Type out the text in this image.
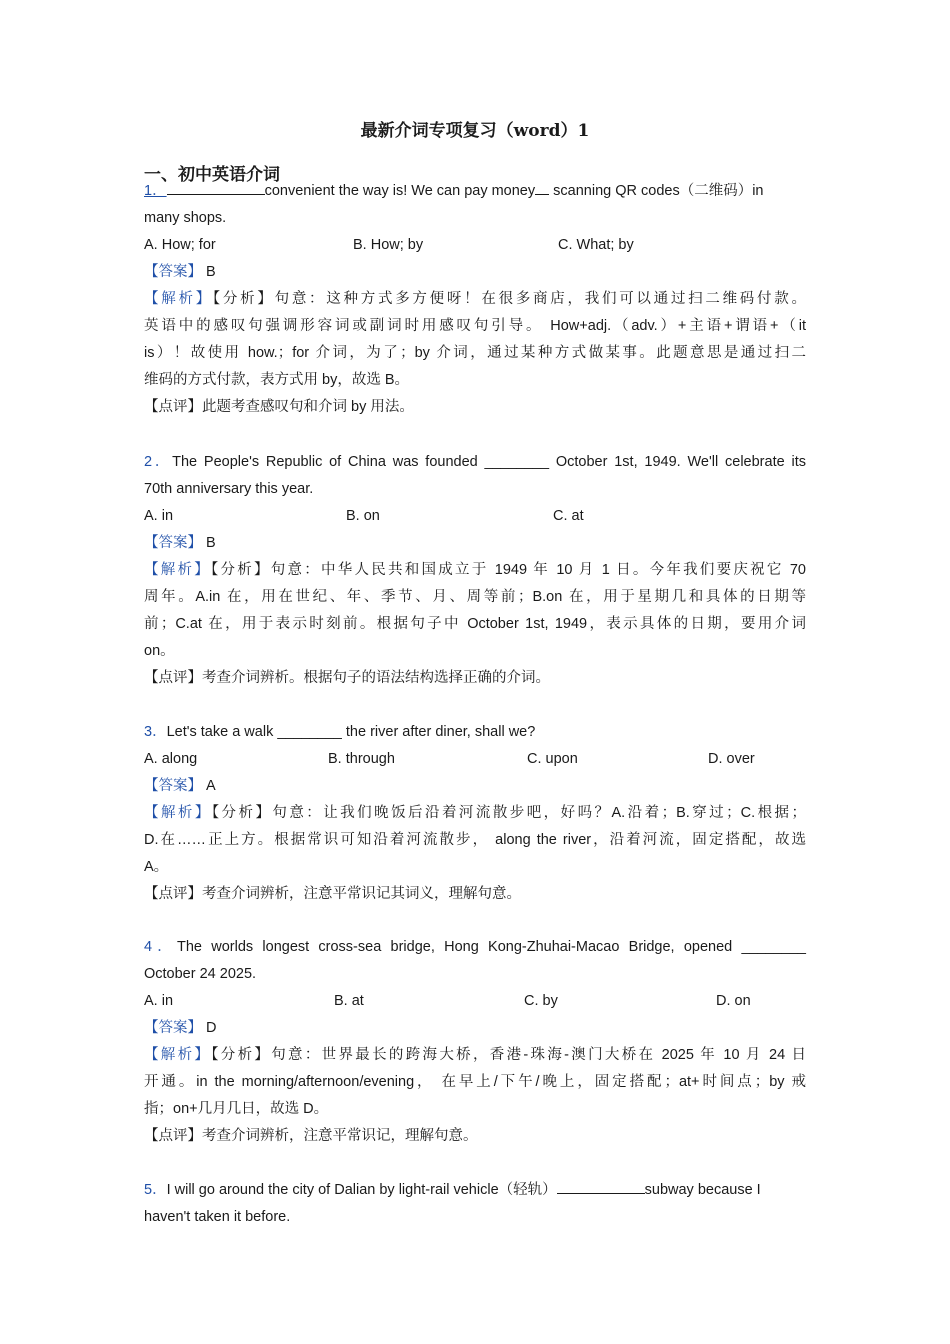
最新介词专项复习（word）1
一、初中英语介词
1．	convenient the way is! We can pay money scanning QR codes（二维码）in
many shops.
A. How; for	B. How; by	C. What; by
【答案】 B
【解析】【分析】句意：这种方式多方便呀！在很多商店，我们可以通过扫二维码付款。
英语中的感叹句强调形容词或副词时用感叹句引导。 How+adj.（adv.）+主语+谓语+（it
is）！故使用 how.；for 介词，为了；by 介词，通过某种方式做某事。此题意思是通过扫二
维码的方式付款，表方式用 by，故选 B。
【点评】此题考查感叹句和介词 by 用法。
2．The People's Republic of China was founded ________ October 1st, 1949. We'll celebrate its
70th anniversary this year.
A. in	B. on	C. at
【答案】 B
【解析】【分析】句意：中华人民共和国成立于 1949 年 10 月 1 日。今年我们要庆祝它 70
周年。A.in 在，用在世纪、年、季节、月、周等前；B.on 在，用于星期几和具体的日期等
前；C.at 在，用于表示时刻前。根据句子中 October 1st, 1949，表示具体的日期，要用介词
on。
【点评】考查介词辨析。根据句子的语法结构选择正确的介词。
3．Let's take a walk ________ the river after diner, shall we?
A. along	B. through	C. upon	D. over
【答案】 A
【解析】【分析】句意：让我们晚饭后沿着河流散步吧，好吗？A.沿着；B.穿过；C.根据；
D.在……正上方。根据常识可知沿着河流散步， along the river，沿着河流，固定搭配，故选
A。
【点评】考查介词辨析，注意平常识记其词义，理解句意。
4．The worlds longest cross-sea bridge, Hong Kong-Zhuhai-Macao Bridge, opened ________
October 24 2025.
A. in	B. at	C. by	D. on
【答案】 D
【解析】【分析】句意：世界最长的跨海大桥，香港-珠海-澳门大桥在 2025 年 10 月 24 日
开通。in the morning/afternoon/evening， 在早上/下午/晚上，固定搭配；at+时间点；by 戒
指；on+几月几日，故选 D。
【点评】考查介词辨析，注意平常识记，理解句意。
5．I will go around the city of Dalian by light-rail vehicle（轻轨）	subway because I
haven't taken it before.
